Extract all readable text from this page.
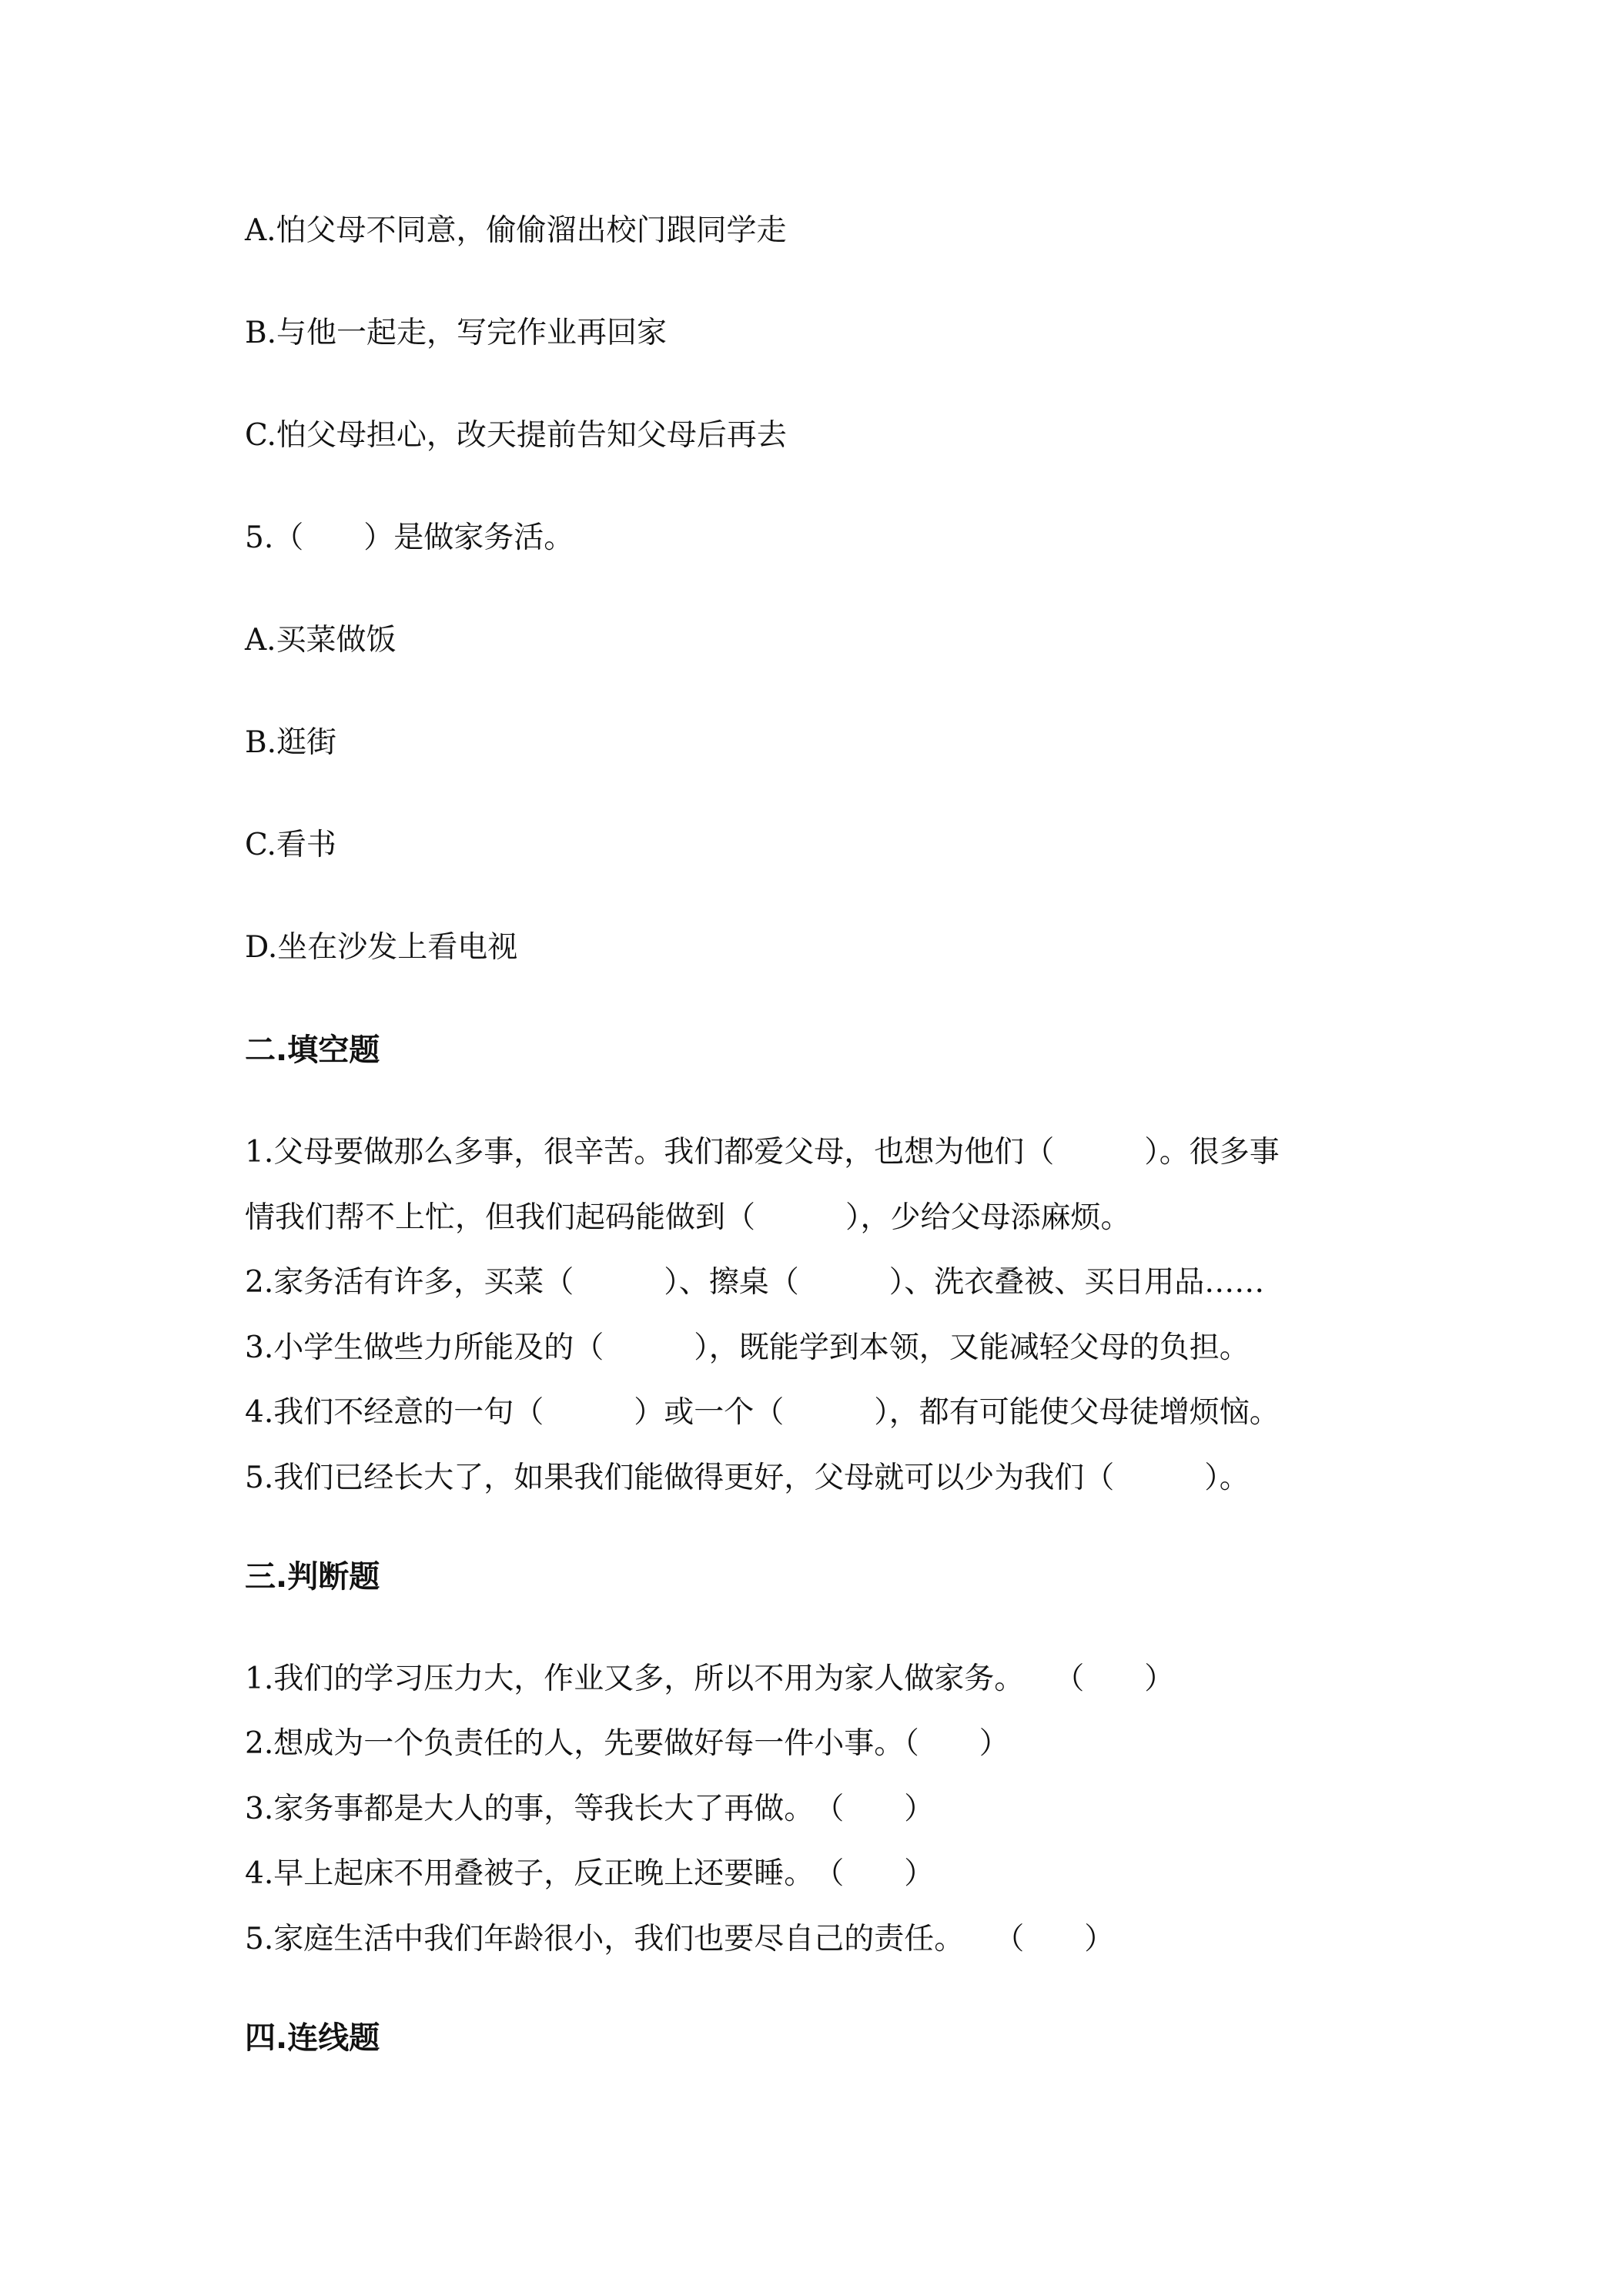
A.怕父母不同意，偷偷溜出校门跟同学走
B.与他一起走，写完作业再回家
C.怕父母担心，改天提前告知父母后再去
5.（　　）是做家务活。
A.买菜做饭
B.逛街
C.看书
D.坐在沙发上看电视
二.填空题
1.父母要做那么多事，很辛苦。我们都爱父母，也想为他们（　　　）。很多事
情我们帮不上忙，但我们起码能做到（　　　），少给父母添麻烦。
2.家务活有许多，买菜（　　　）、擦桌（　　　）、洗衣叠被、买日用品……
3.小学生做些力所能及的（　　　），既能学到本领，又能减轻父母的负担。
4.我们不经意的一句（　　　）或一个（　　　），都有可能使父母徒增烦恼。
5.我们已经长大了，如果我们能做得更好，父母就可以少为我们（　　　）。
三.判断题
1.我们的学习压力大，作业又多，所以不用为家人做家务。　　（　　）
2.想成为一个负责任的人，先要做好每一件小事。（　　）
3.家务事都是大人的事，等我长大了再做。　（　　）
4.早上起床不用叠被子，反正晚上还要睡。　（　　）
5.家庭生活中我们年龄很小，我们也要尽自己的责任。　　（　　）
四.连线题
